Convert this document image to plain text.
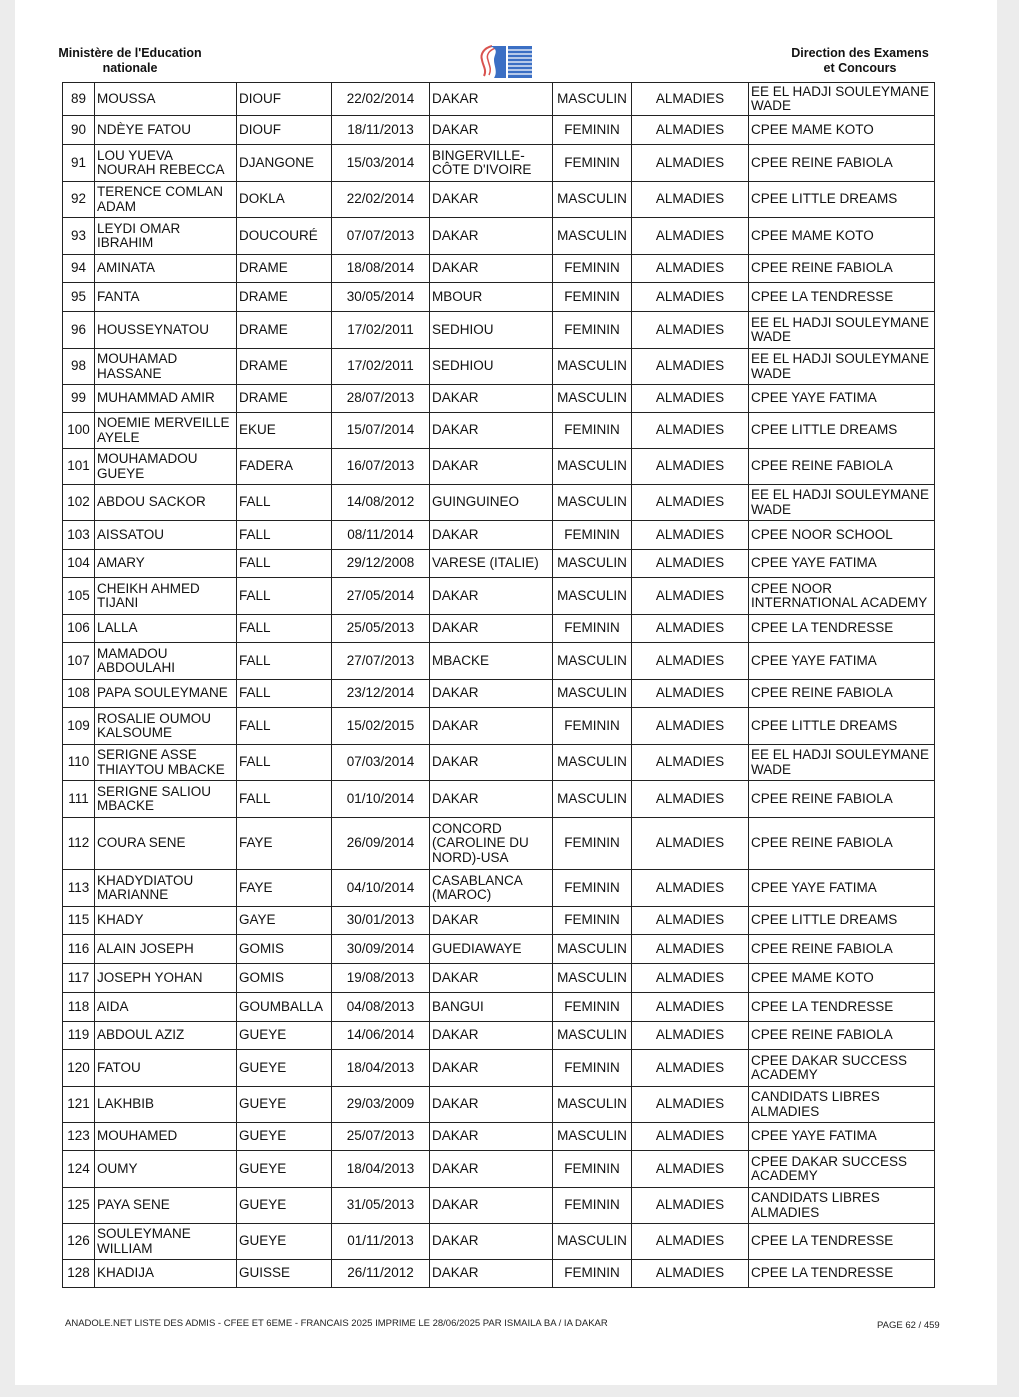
Ministère de l'Education
nationale
Direction des Examens
et Concours
89	MOUSSA	DIOUF	22/02/2014	DAKAR	MASCULIN	ALMADIES	EE EL HADJI SOULEYMANE WADE
90	NDÈYE FATOU	DIOUF	18/11/2013	DAKAR	FEMININ	ALMADIES	CPEE MAME KOTO
91	LOU YUEVA NOURAH REBECCA	DJANGONE	15/03/2014	BINGERVILLE-CÔTE D'IVOIRE	FEMININ	ALMADIES	CPEE REINE FABIOLA
92	TERENCE COMLAN ADAM	DOKLA	22/02/2014	DAKAR	MASCULIN	ALMADIES	CPEE LITTLE DREAMS
93	LEYDI OMAR IBRAHIM	DOUCOURÉ	07/07/2013	DAKAR	MASCULIN	ALMADIES	CPEE MAME KOTO
94	AMINATA	DRAME	18/08/2014	DAKAR	FEMININ	ALMADIES	CPEE REINE FABIOLA
95	FANTA	DRAME	30/05/2014	MBOUR	FEMININ	ALMADIES	CPEE LA TENDRESSE
96	HOUSSEYNATOU	DRAME	17/02/2011	SEDHIOU	FEMININ	ALMADIES	EE EL HADJI SOULEYMANE WADE
98	MOUHAMAD HASSANE	DRAME	17/02/2011	SEDHIOU	MASCULIN	ALMADIES	EE EL HADJI SOULEYMANE WADE
99	MUHAMMAD AMIR	DRAME	28/07/2013	DAKAR	MASCULIN	ALMADIES	CPEE YAYE FATIMA
100	NOEMIE MERVEILLE AYELE	EKUE	15/07/2014	DAKAR	FEMININ	ALMADIES	CPEE LITTLE DREAMS
101	MOUHAMADOU GUEYE	FADERA	16/07/2013	DAKAR	MASCULIN	ALMADIES	CPEE REINE FABIOLA
102	ABDOU SACKOR	FALL	14/08/2012	GUINGUINEO	MASCULIN	ALMADIES	EE EL HADJI SOULEYMANE WADE
103	AISSATOU	FALL	08/11/2014	DAKAR	FEMININ	ALMADIES	CPEE NOOR SCHOOL
104	AMARY	FALL	29/12/2008	VARESE (ITALIE)	MASCULIN	ALMADIES	CPEE YAYE FATIMA
105	CHEIKH AHMED TIJANI	FALL	27/05/2014	DAKAR	MASCULIN	ALMADIES	CPEE NOOR INTERNATIONAL ACADEMY
106	LALLA	FALL	25/05/2013	DAKAR	FEMININ	ALMADIES	CPEE LA TENDRESSE
107	MAMADOU ABDOULAHI	FALL	27/07/2013	MBACKE	MASCULIN	ALMADIES	CPEE YAYE FATIMA
108	PAPA SOULEYMANE	FALL	23/12/2014	DAKAR	MASCULIN	ALMADIES	CPEE REINE FABIOLA
109	ROSALIE OUMOU KALSOUME	FALL	15/02/2015	DAKAR	FEMININ	ALMADIES	CPEE LITTLE DREAMS
110	SERIGNE ASSE THIAYTOU MBACKE	FALL	07/03/2014	DAKAR	MASCULIN	ALMADIES	EE EL HADJI SOULEYMANE WADE
111	SERIGNE SALIOU MBACKE	FALL	01/10/2014	DAKAR	MASCULIN	ALMADIES	CPEE REINE FABIOLA
112	COURA SENE	FAYE	26/09/2014	CONCORD (CAROLINE DU NORD)-USA	FEMININ	ALMADIES	CPEE REINE FABIOLA
113	KHADYDIATOU MARIANNE	FAYE	04/10/2014	CASABLANCA (MAROC)	FEMININ	ALMADIES	CPEE YAYE FATIMA
115	KHADY	GAYE	30/01/2013	DAKAR	FEMININ	ALMADIES	CPEE LITTLE DREAMS
116	ALAIN JOSEPH	GOMIS	30/09/2014	GUEDIAWAYE	MASCULIN	ALMADIES	CPEE REINE FABIOLA
117	JOSEPH YOHAN	GOMIS	19/08/2013	DAKAR	MASCULIN	ALMADIES	CPEE MAME KOTO
118	AIDA	GOUMBALLA	04/08/2013	BANGUI	FEMININ	ALMADIES	CPEE LA TENDRESSE
119	ABDOUL AZIZ	GUEYE	14/06/2014	DAKAR	MASCULIN	ALMADIES	CPEE REINE FABIOLA
120	FATOU	GUEYE	18/04/2013	DAKAR	FEMININ	ALMADIES	CPEE DAKAR SUCCESS ACADEMY
121	LAKHBIB	GUEYE	29/03/2009	DAKAR	MASCULIN	ALMADIES	CANDIDATS LIBRES ALMADIES
123	MOUHAMED	GUEYE	25/07/2013	DAKAR	MASCULIN	ALMADIES	CPEE YAYE FATIMA
124	OUMY	GUEYE	18/04/2013	DAKAR	FEMININ	ALMADIES	CPEE DAKAR SUCCESS ACADEMY
125	PAYA SENE	GUEYE	31/05/2013	DAKAR	FEMININ	ALMADIES	CANDIDATS LIBRES ALMADIES
126	SOULEYMANE WILLIAM	GUEYE	01/11/2013	DAKAR	MASCULIN	ALMADIES	CPEE LA TENDRESSE
128	KHADIJA	GUISSE	26/11/2012	DAKAR	FEMININ	ALMADIES	CPEE LA TENDRESSE
ANADOLE.NET LISTE DES ADMIS - CFEE ET 6EME - FRANCAIS 2025 IMPRIME LE 28/06/2025 PAR ISMAILA BA / IA DAKAR	PAGE 62 / 459
